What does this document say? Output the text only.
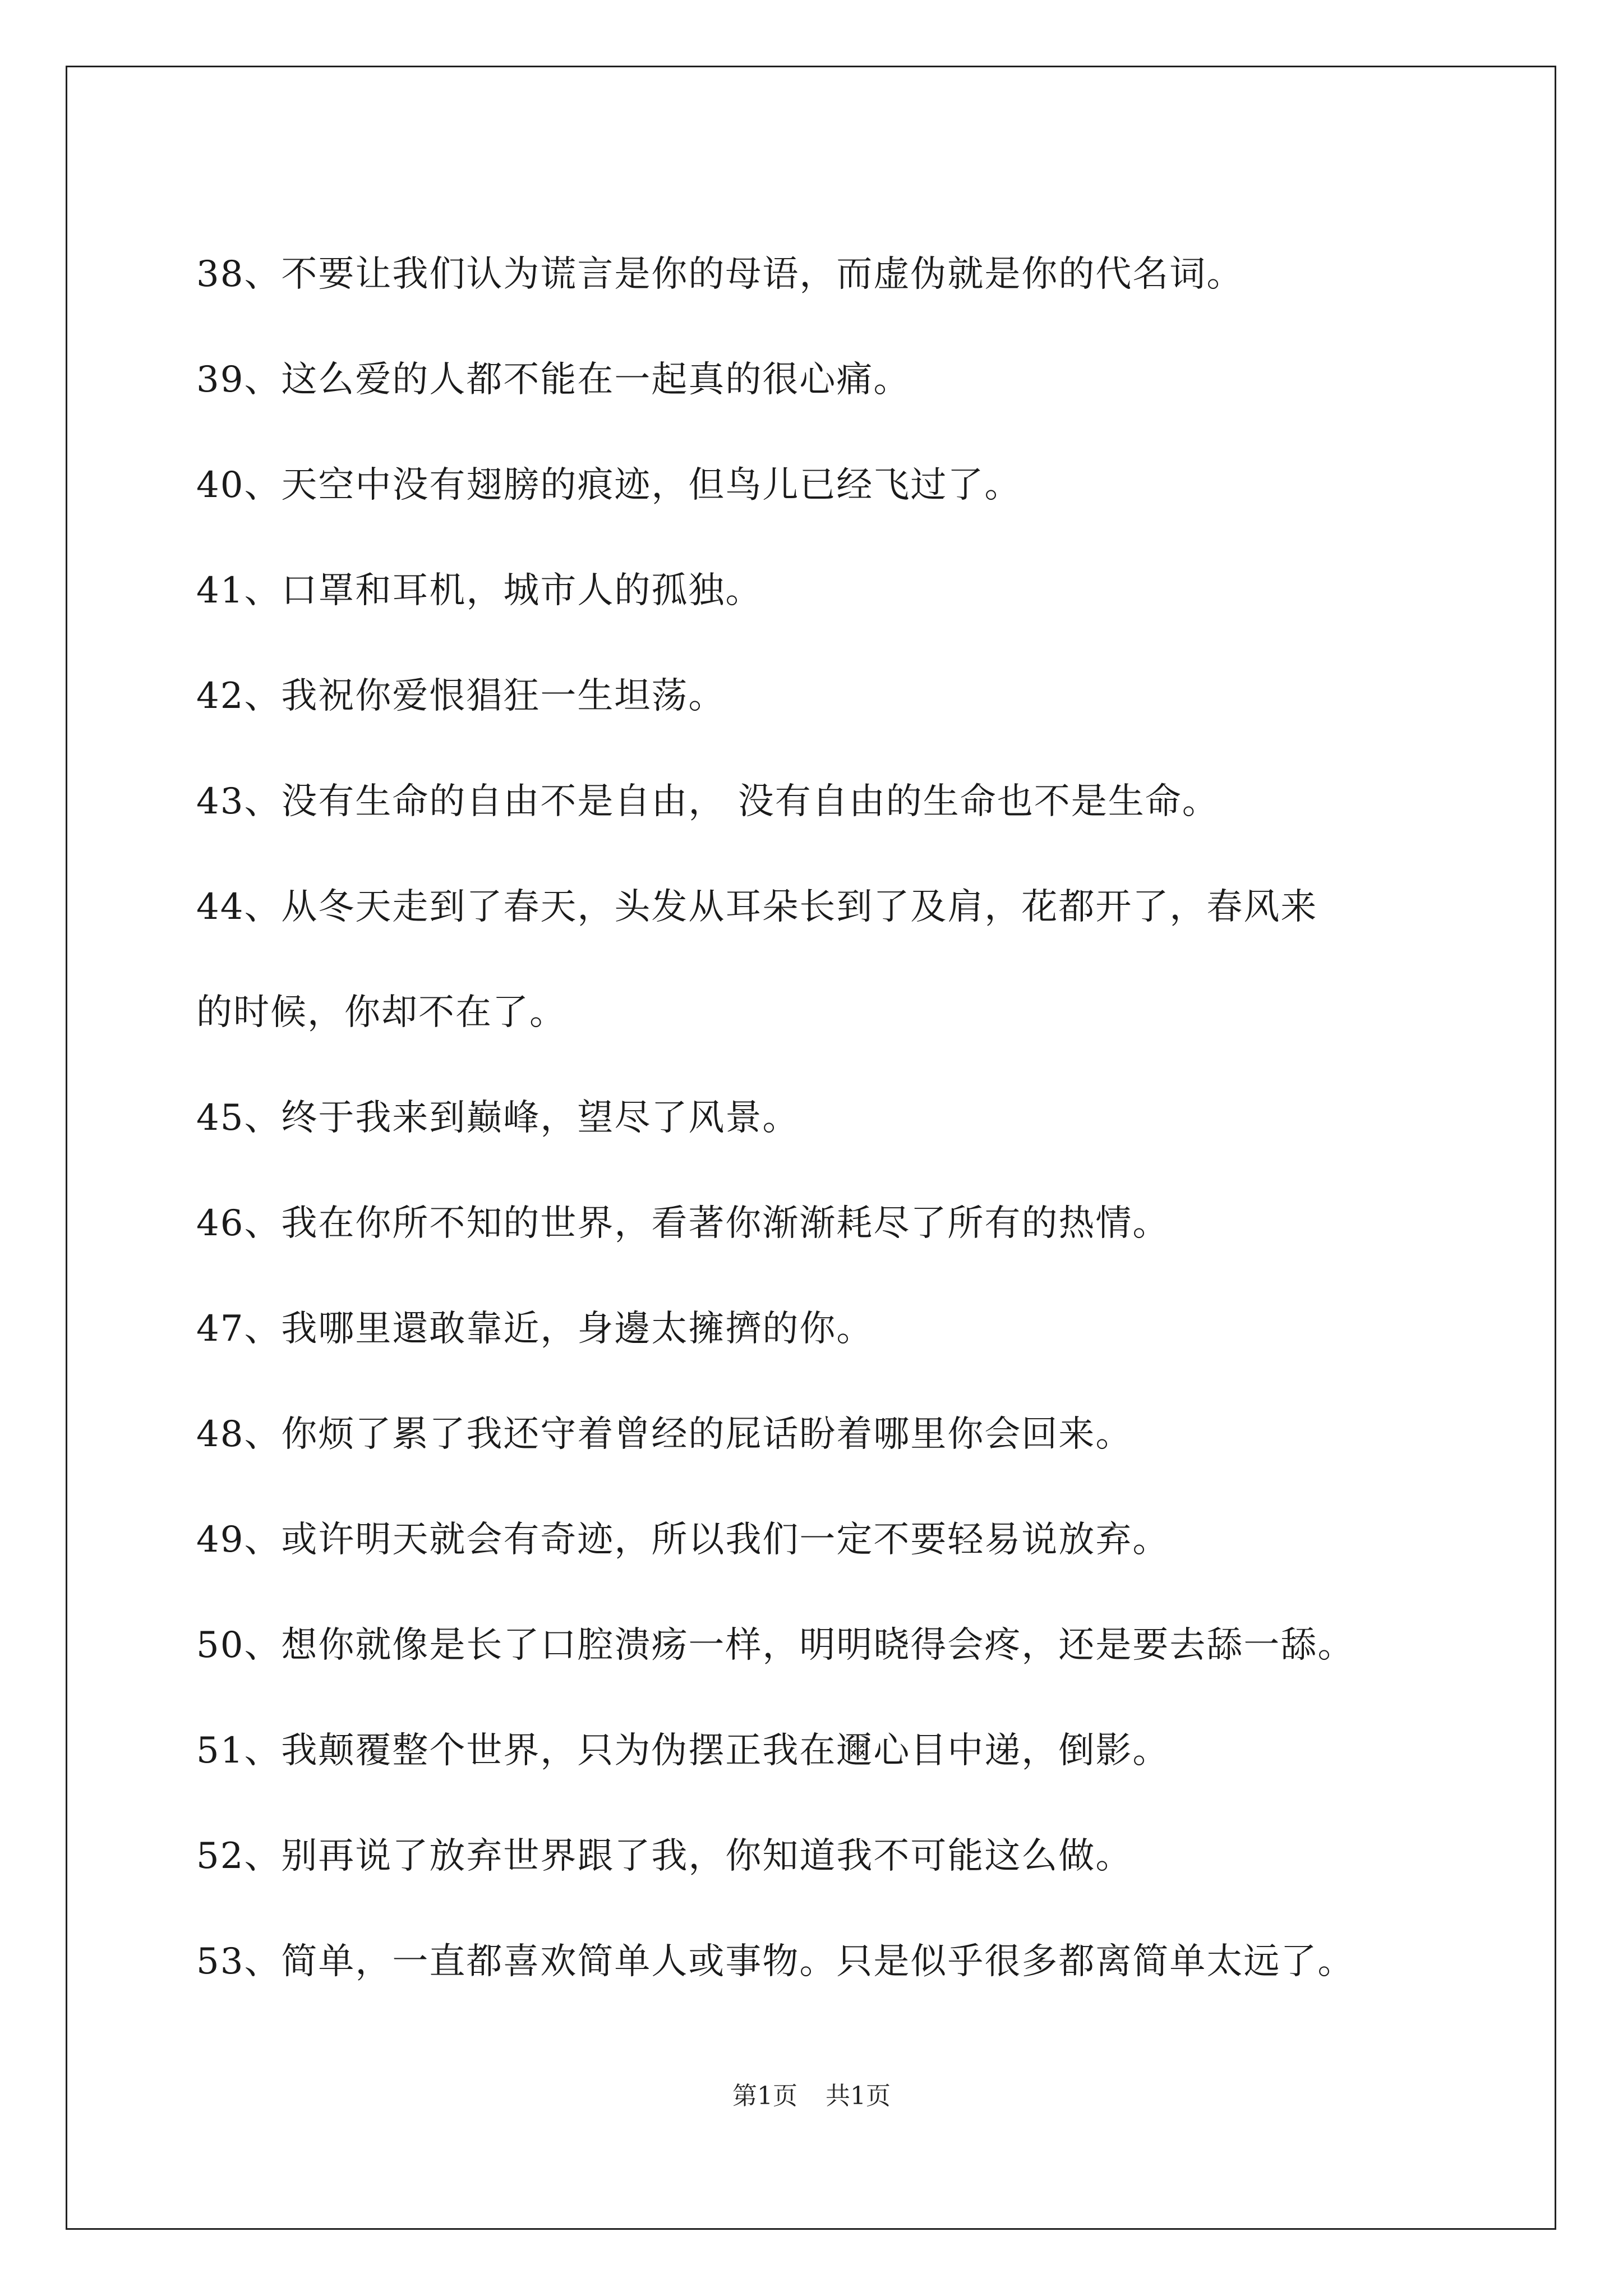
38、不要让我们认为谎言是你的母语，而虚伪就是你的代名词。
39、这么爱的人都不能在一起真的很心痛。
40、天空中没有翅膀的痕迹，但鸟儿已经飞过了。
41、口罩和耳机，城市人的孤独。
42、我祝你爱恨猖狂一生坦荡。
43、没有生命的自由不是自由， 没有自由的生命也不是生命。
44、从冬天走到了春天，头发从耳朵长到了及肩，花都开了，春风来
的时候，你却不在了。
45、终于我来到巅峰，望尽了风景。
46、我在你所不知的世界，看著你渐渐耗尽了所有的热情。
47、我哪里還敢靠近，身邊太擁擠的你。
48、你烦了累了我还守着曾经的屁话盼着哪里你会回来。
49、或许明天就会有奇迹，所以我们一定不要轻易说放弃。
50、想你就像是长了口腔溃疡一样，明明晓得会疼，还是要去舔一舔。
51、我颠覆整个世界，只为伪摆正我在邇心目中递，倒影。
52、别再说了放弃世界跟了我，你知道我不可能这么做。
53、简单，一直都喜欢简单人或事物。只是似乎很多都离简单太远了。
第1页 共1页
